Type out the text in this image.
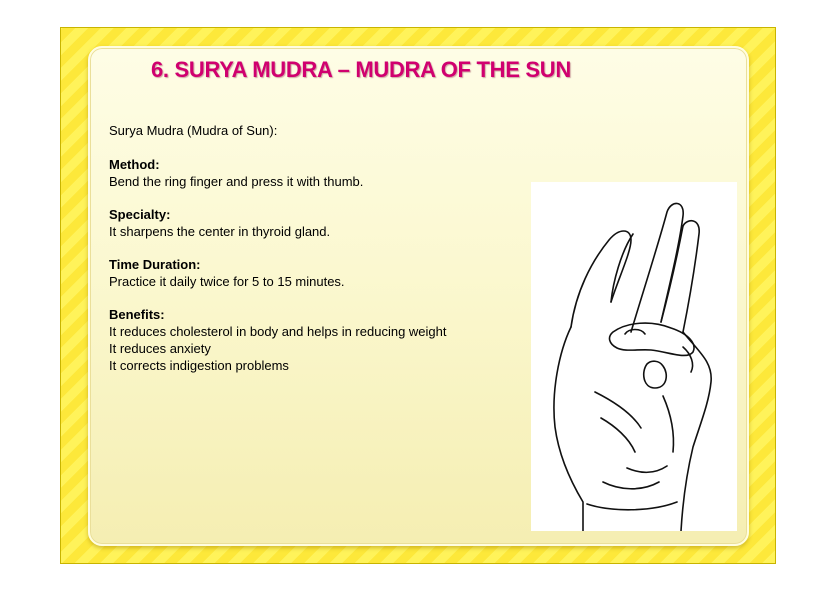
6. SURYA MUDRA – MUDRA OF THE SUN
Surya Mudra (Mudra of Sun):
Method:
Bend the ring finger and press it with thumb.
Specialty:
It sharpens the center in thyroid gland.
Time Duration:
Practice it daily twice for 5 to 15 minutes.
Benefits:
It reduces cholesterol in body and helps in reducing weight
It reduces anxiety
It corrects indigestion problems
